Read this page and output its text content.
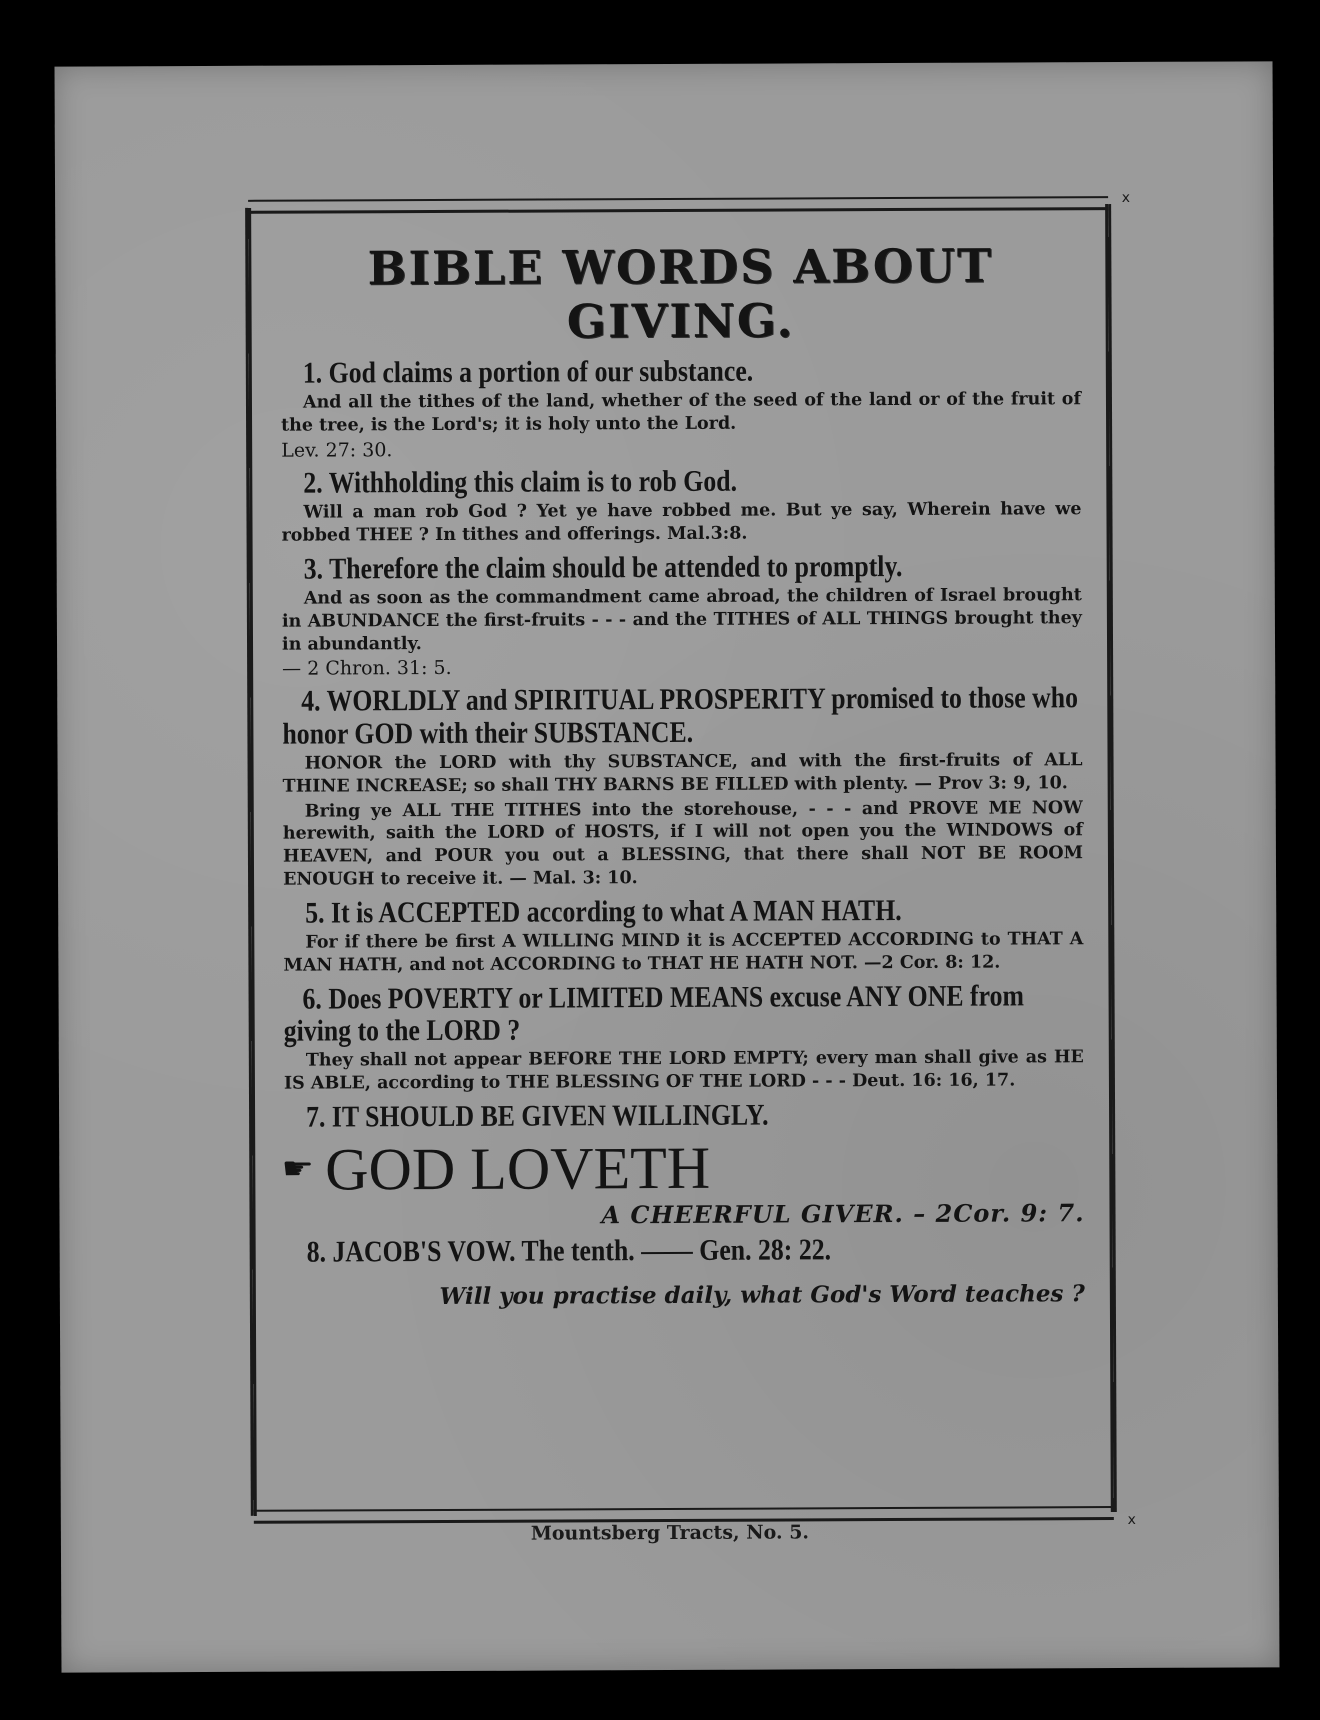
x
x
BIBLE WORDS ABOUT GIVING.
1. God claims a portion of our substance.

And all the tithes of the land, whether of the seed of the land or of the fruit of the tree, is the Lord's; it is holy unto the Lord.

Lev. 27: 30.

2. Withholding this claim is to rob God.

Will a man rob God ? Yet ye have robbed me. But ye say, Wherein have we robbed THEE ? In tithes and offerings. Mal.3:8.

3. Therefore the claim should be attended to promptly.

And as soon as the commandment came abroad, the children of Israel brought in ABUNDANCE the first-fruits - - - and the TITHES of ALL THINGS brought they in abundantly.

— 2 Chron. 31: 5.

4. WORLDLY and SPIRITUAL PROSPERITY promised to those who honor GOD with their SUBSTANCE.

HONOR the LORD with thy SUBSTANCE, and with the first-fruits of ALL THINE INCREASE; so shall THY BARNS BE FILLED with plenty. — Prov 3: 9, 10.

Bring ye ALL THE TITHES into the storehouse, - - - and PROVE ME NOW herewith, saith the LORD of HOSTS, if I will not open you the WINDOWS of HEAVEN, and POUR you out a BLESSING, that there shall NOT BE ROOM ENOUGH to receive it. — Mal. 3: 10.

5. It is ACCEPTED according to what A MAN HATH.

For if there be first A WILLING MIND it is ACCEPTED ACCORDING to THAT A MAN HATH, and not ACCORDING to THAT HE HATH NOT. —2 Cor. 8: 12.

6. Does POVERTY or LIMITED MEANS excuse ANY ONE from giving to the LORD ?

They shall not appear BEFORE THE LORD EMPTY; every man shall give as HE IS ABLE, according to THE BLESSING OF THE LORD - - - Deut. 16: 16, 17.

7. IT SHOULD BE GIVEN WILLINGLY.
☛ GOD LOVETH
A CHEERFUL GIVER. – 2Cor. 9: 7.
8. JACOB'S VOW. The tenth. —— Gen. 28: 22.
Will you practise daily, what God's Word teaches ?
Mountsberg Tracts, No. 5.
